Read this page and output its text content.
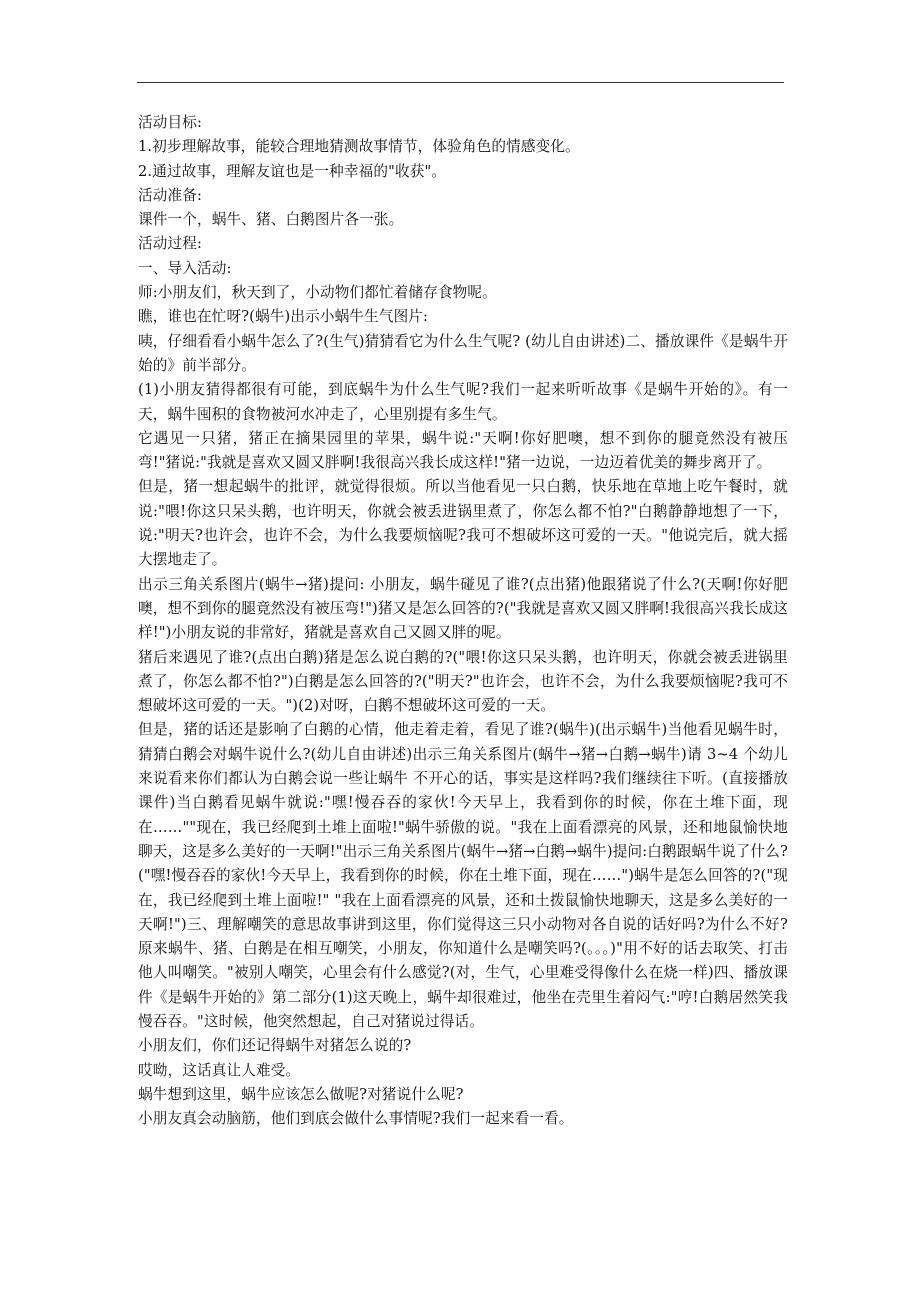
活动目标:

1.初步理解故事，能较合理地猜测故事情节，体验角色的情感变化。

2.通过故事，理解友谊也是一种幸福的"收获"。

活动准备:

课件一个，蜗牛、猪、白鹅图片各一张。

活动过程:

一、导入活动:

师:小朋友们，秋天到了，小动物们都忙着储存食物呢。

瞧，谁也在忙呀?(蜗牛)出示小蜗牛生气图片:

咦，仔细看看小蜗牛怎么了?(生气)猜猜看它为什么生气呢? (幼儿自由讲述)二、播放课件《是蜗牛开始的》前半部分。

(1)小朋友猜得都很有可能，到底蜗牛为什么生气呢?我们一起来听听故事《是蜗牛开始的》。有一天，蜗牛囤积的食物被河水冲走了，心里别提有多生气。

它遇见一只猪，猪正在摘果园里的苹果，蜗牛说:"天啊!你好肥噢，想不到你的腿竟然没有被压弯!"猪说:"我就是喜欢又圆又胖啊!我很高兴我长成这样!"猪一边说，一边迈着优美的舞步离开了。

但是，猪一想起蜗牛的批评，就觉得很烦。所以当他看见一只白鹅，快乐地在草地上吃午餐时，就说:"喂!你这只呆头鹅，也许明天，你就会被丢进锅里煮了，你怎么都不怕?"白鹅静静地想了一下，说:"明天?也许会，也许不会，为什么我要烦恼呢?我可不想破坏这可爱的一天。"他说完后，就大摇大摆地走了。

出示三角关系图片(蜗牛→猪)提问: 小朋友，蜗牛碰见了谁?(点出猪)他跟猪说了什么?(天啊!你好肥噢，想不到你的腿竟然没有被压弯!")猪又是怎么回答的?("我就是喜欢又圆又胖啊!我很高兴我长成这样!")小朋友说的非常好，猪就是喜欢自己又圆又胖的呢。

猪后来遇见了谁?(点出白鹅)猪是怎么说白鹅的?("喂!你这只呆头鹅，也许明天，你就会被丢进锅里煮了，你怎么都不怕?")白鹅是怎么回答的?("明天?"也许会，也许不会，为什么我要烦恼呢?我可不想破坏这可爱的一天。")(2)对呀，白鹅不想破坏这可爱的一天。

但是，猪的话还是影响了白鹅的心情，他走着走着，看见了谁?(蜗牛)(出示蜗牛)当他看见蜗牛时，猜猜白鹅会对蜗牛说什么?(幼儿自由讲述)出示三角关系图片(蜗牛→猪→白鹅→蜗牛)请 3~4 个幼儿来说看来你们都认为白鹅会说一些让蜗牛 不开心的话，事实是这样吗?我们继续往下听。(直接播放课件)当白鹅看见蜗牛就说:"嘿!慢吞吞的家伙!今天早上，我看到你的时候，你在土堆下面，现在……""现在，我已经爬到土堆上面啦!"蜗牛骄傲的说。"我在上面看漂亮的风景，还和地鼠愉快地聊天，这是多么美好的一天啊!"出示三角关系图片(蜗牛→猪→白鹅→蜗牛)提问:白鹅跟蜗牛说了什么?("嘿!慢吞吞的家伙!今天早上，我看到你的时候，你在土堆下面，现在……")蜗牛是怎么回答的?("现在，我已经爬到土堆上面啦!" "我在上面看漂亮的风景，还和土拨鼠愉快地聊天，这是多么美好的一天啊!")三、理解嘲笑的意思故事讲到这里，你们觉得这三只小动物对各自说的话好吗?为什么不好?原来蜗牛、猪、白鹅是在相互嘲笑，小朋友，你知道什么是嘲笑吗?(。。。)"用不好的话去取笑、打击他人叫嘲笑。"被别人嘲笑，心里会有什么感觉?(对，生气，心里难受得像什么在烧一样)四、播放课件《是蜗牛开始的》第二部分(1)这天晚上，蜗牛却很难过，他坐在壳里生着闷气:"哼!白鹅居然笑我慢吞吞。"这时候，他突然想起，自己对猪说过得话。

小朋友们，你们还记得蜗牛对猪怎么说的?

哎呦，这话真让人难受。

蜗牛想到这里，蜗牛应该怎么做呢?对猪说什么呢?

小朋友真会动脑筋，他们到底会做什么事情呢?我们一起来看一看。
